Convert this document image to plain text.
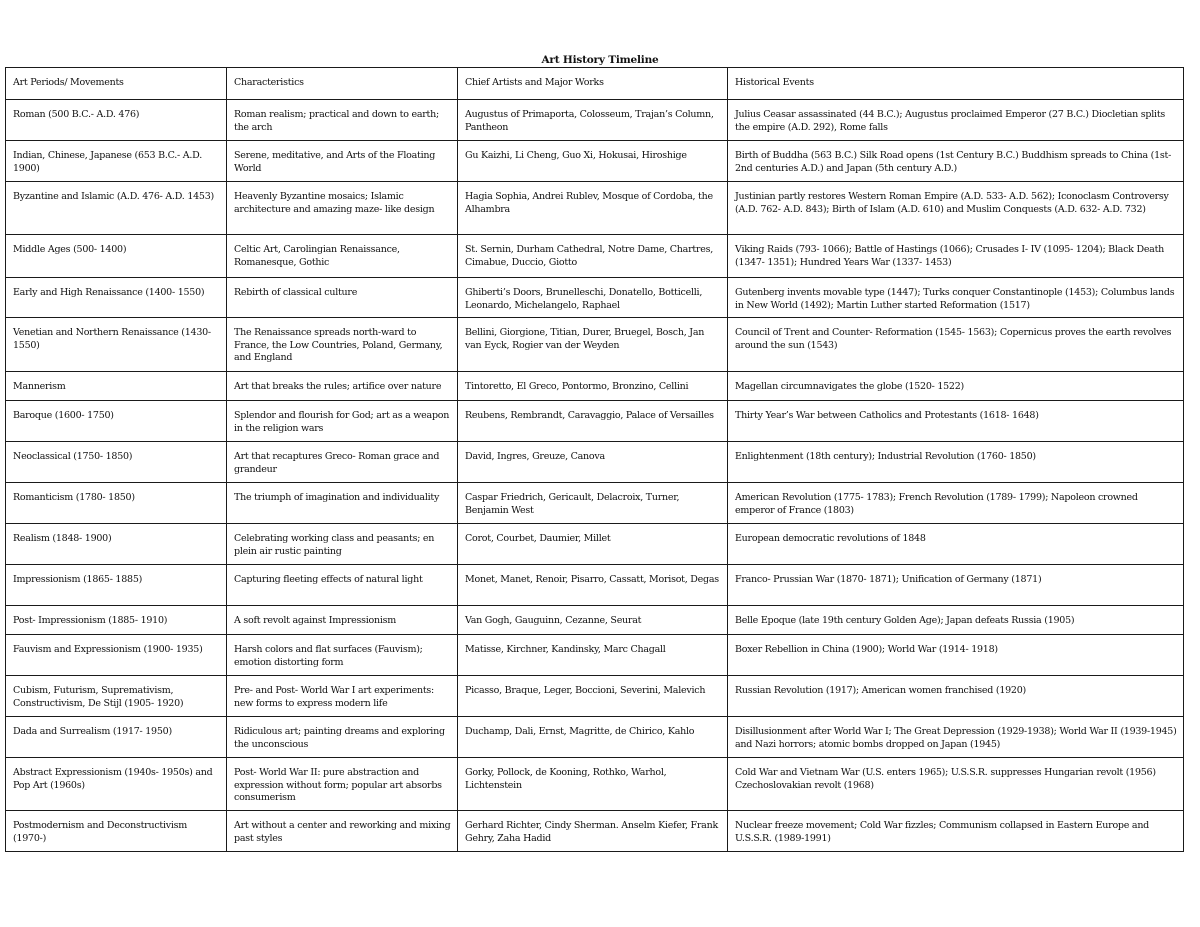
Art History Timeline
Art Periods/ Movements	Characteristics	Chief Artists and Major Works	Historical Events
Roman (500 B.C.- A.D. 476)	Roman realism; practical and down to earth; the arch	Augustus of Primaporta, Colosseum, Trajan’s Column, Pantheon	Julius Ceasar assassinated (44 B.C.); Augustus proclaimed Emperor (27 B.C.) Diocletian splits the empire (A.D. 292), Rome falls
Indian, Chinese, Japanese (653 B.C.- A.D. 1900)	Serene, meditative, and Arts of the Floating World	Gu Kaizhi, Li Cheng, Guo Xi, Hokusai, Hiroshige	Birth of Buddha (563 B.C.) Silk Road opens (1st Century B.C.) Buddhism spreads to China (1st-2nd centuries A.D.) and Japan (5th century A.D.)
Byzantine and Islamic (A.D. 476- A.D. 1453)	Heavenly Byzantine mosaics; Islamic architecture and amazing maze- like design	Hagia Sophia, Andrei Rublev, Mosque of Cordoba, the Alhambra	Justinian partly restores Western Roman Empire (A.D. 533- A.D. 562); Iconoclasm Controversy (A.D. 762- A.D. 843); Birth of Islam (A.D. 610) and Muslim Conquests (A.D. 632- A.D. 732)
Middle Ages (500- 1400)	Celtic Art, Carolingian Renaissance, Romanesque, Gothic	St. Sernin, Durham Cathedral, Notre Dame, Chartres, Cimabue, Duccio, Giotto	Viking Raids (793- 1066); Battle of Hastings (1066); Crusades I- IV (1095- 1204); Black Death (1347- 1351); Hundred Years War (1337- 1453)
Early and High Renaissance (1400- 1550)	Rebirth of classical culture	Ghiberti’s Doors, Brunelleschi, Donatello, Botticelli, Leonardo, Michelangelo, Raphael	Gutenberg invents movable type (1447); Turks conquer Constantinople (1453); Columbus lands in New World (1492); Martin Luther started Reformation (1517)
Venetian and Northern Renaissance (1430- 1550)	The Renaissance spreads north-ward to France, the Low Countries, Poland, Germany, and England	Bellini, Giorgione, Titian, Durer, Bruegel, Bosch, Jan van Eyck, Rogier van der Weyden	Council of Trent and Counter- Reformation (1545- 1563); Copernicus proves the earth revolves around the sun (1543)
Mannerism	Art that breaks the rules; artifice over nature	Tintoretto, El Greco, Pontormo, Bronzino, Cellini	Magellan circumnavigates the globe (1520- 1522)
Baroque (1600- 1750)	Splendor and flourish for God; art as a weapon in the religion wars	Reubens, Rembrandt, Caravaggio, Palace of Versailles	Thirty Year’s War between Catholics and Protestants (1618- 1648)
Neoclassical (1750- 1850)	Art that recaptures Greco- Roman grace and grandeur	David, Ingres, Greuze, Canova	Enlightenment (18th century); Industrial Revolution (1760- 1850)
Romanticism (1780- 1850)	The triumph of imagination and individuality	Caspar Friedrich, Gericault, Delacroix, Turner, Benjamin West	American Revolution (1775- 1783); French Revolution (1789- 1799); Napoleon crowned emperor of France (1803)
Realism (1848- 1900)	Celebrating working class and peasants; en plein air rustic painting	Corot, Courbet, Daumier, Millet	European democratic revolutions of 1848
Impressionism (1865- 1885)	Capturing fleeting effects of natural light	Monet, Manet, Renoir, Pisarro, Cassatt, Morisot, Degas	Franco- Prussian War (1870- 1871); Unification of Germany (1871)
Post- Impressionism (1885- 1910)	A soft revolt against Impressionism	Van Gogh, Gauguinn, Cezanne, Seurat	Belle Epoque (late 19th century Golden Age); Japan defeats Russia (1905)
Fauvism and Expressionism (1900- 1935)	Harsh colors and flat surfaces (Fauvism); emotion distorting form	Matisse, Kirchner, Kandinsky, Marc Chagall	Boxer Rebellion in China (1900); World War (1914- 1918)
Cubism, Futurism, Supremativism, Constructivism, De Stijl (1905- 1920)	Pre- and Post- World War I art experiments: new forms to express modern life	Picasso, Braque, Leger, Boccioni, Severini, Malevich	Russian Revolution (1917); American women franchised (1920)
Dada and Surrealism (1917- 1950)	Ridiculous art; painting dreams and exploring the unconscious	Duchamp, Dali, Ernst, Magritte, de Chirico, Kahlo	Disillusionment after World War I; The Great Depression (1929-1938); World War II (1939-1945) and Nazi horrors; atomic bombs dropped on Japan (1945)
Abstract Expressionism (1940s- 1950s) and Pop Art (1960s)	Post- World War II: pure abstraction and expression without form; popular art absorbs consumerism	Gorky, Pollock, de Kooning, Rothko, Warhol, Lichtenstein	Cold War and Vietnam War (U.S. enters 1965); U.S.S.R. suppresses Hungarian revolt (1956) Czechoslovakian revolt (1968)
Postmodernism and Deconstructivism (1970-)	Art without a center and reworking and mixing past styles	Gerhard Richter, Cindy Sherman. Anselm Kiefer, Frank Gehry, Zaha Hadid	Nuclear freeze movement; Cold War fizzles; Communism collapsed in Eastern Europe and U.S.S.R. (1989-1991)
